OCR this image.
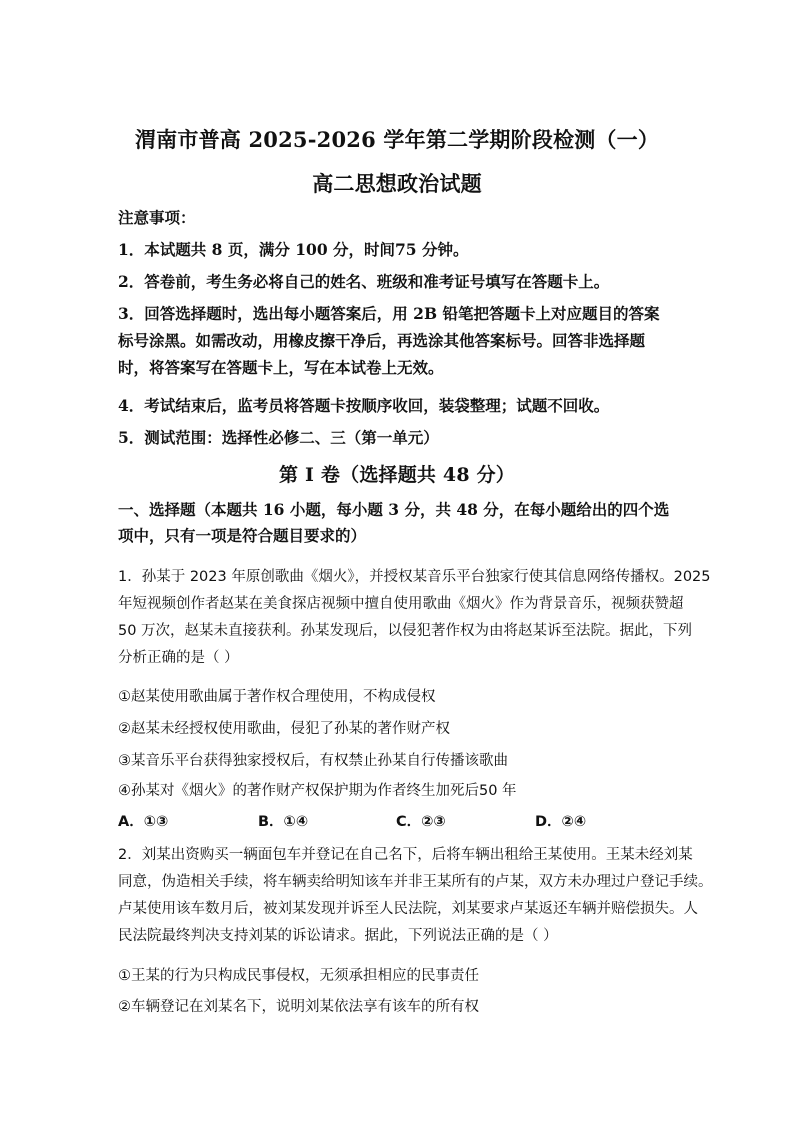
渭南市普高 2025-2026 学年第二学期阶段检测（一）
高二思想政治试题
注意事项：
1．本试题共 8 页，满分 100 分，时间75 分钟。
2．答卷前，考生务必将自己的姓名、班级和准考证号填写在答题卡上。
3．回答选择题时，选出每小题答案后，用 2B 铅笔把答题卡上对应题目的答案
标号涂黑。如需改动，用橡皮擦干净后，再选涂其他答案标号。回答非选择题
时，将答案写在答题卡上，写在本试卷上无效。
4．考试结束后，监考员将答题卡按顺序收回，装袋整理；试题不回收。
5．测试范围：选择性必修二、三（第一单元）
第 I 卷（选择题共 48 分）
一、选择题（本题共 16 小题，每小题 3 分，共 48 分，在每小题给出的四个选
项中，只有一项是符合题目要求的）
1．孙某于 2023 年原创歌曲《烟火》，并授权某音乐平台独家行使其信息网络传播权。2025
年短视频创作者赵某在美食探店视频中擅自使用歌曲《烟火》作为背景音乐，视频获赞超
50 万次，赵某未直接获利。孙某发现后，以侵犯著作权为由将赵某诉至法院。据此，下列
分析正确的是（ ）
①赵某使用歌曲属于著作权合理使用，不构成侵权
②赵某未经授权使用歌曲，侵犯了孙某的著作财产权
③某音乐平台获得独家授权后，有权禁止孙某自行传播该歌曲
④孙某对《烟火》的著作财产权保护期为作者终生加死后50 年
A．①③	B．①④	C．②③	D．②④
2．刘某出资购买一辆面包车并登记在自己名下，后将车辆出租给王某使用。王某未经刘某
同意，伪造相关手续，将车辆卖给明知该车并非王某所有的卢某，双方未办理过户登记手续。
卢某使用该车数月后，被刘某发现并诉至人民法院，刘某要求卢某返还车辆并赔偿损失。人
民法院最终判决支持刘某的诉讼请求。据此，下列说法正确的是（ ）
①王某的行为只构成民事侵权，无须承担相应的民事责任
②车辆登记在刘某名下，说明刘某依法享有该车的所有权
